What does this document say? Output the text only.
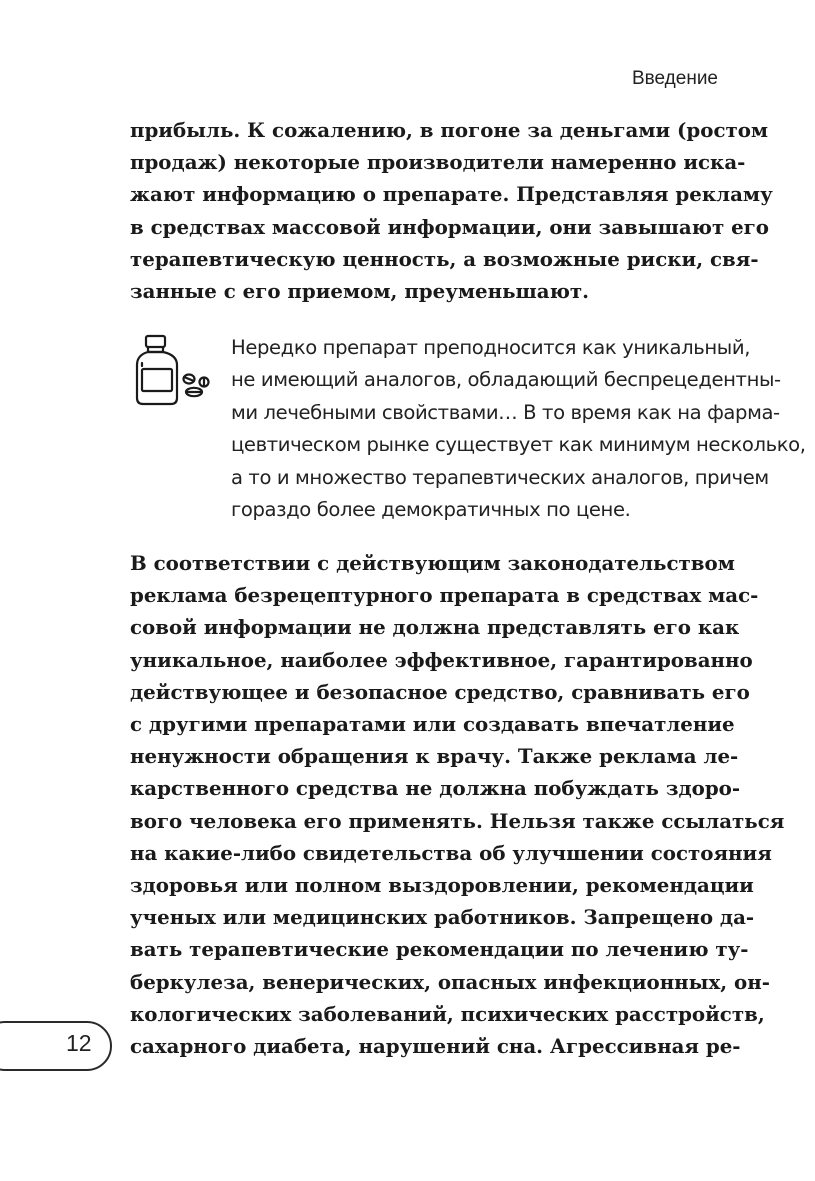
Введение
прибыль. К сожалению, в погоне за деньгами (ростом
продаж) некоторые производители намеренно иска-
жают информацию о препарате. Представляя рекламу
в средствах массовой информации, они завышают его
терапевтическую ценность, а возможные риски, свя-
занные с его приемом, преуменьшают.
Нередко препарат преподносится как уникальный,
не имеющий аналогов, обладающий беспрецедентны-
ми лечебными свойствами… В то время как на фарма-
цевтическом рынке существует как минимум несколько,
а то и множество терапевтических аналогов, причем
гораздо более демократичных по цене.
В соответствии с действующим законодательством
реклама безрецептурного препарата в средствах мас-
совой информации не должна представлять его как
уникальное, наиболее эффективное, гарантированно
действующее и безопасное средство, сравнивать его
с другими препаратами или создавать впечатление
ненужности обращения к врачу. Также реклама ле-
карственного средства не должна побуждать здоро-
вого человека его применять. Нельзя также ссылаться
на какие-либо свидетельства об улучшении состояния
здоровья или полном выздоровлении, рекомендации
ученых или медицинских работников. Запрещено да-
вать терапевтические рекомендации по лечению ту-
беркулеза, венерических, опасных инфекционных, он-
кологических заболеваний, психических расстройств,
сахарного диабета, нарушений сна. Агрессивная ре-
12
